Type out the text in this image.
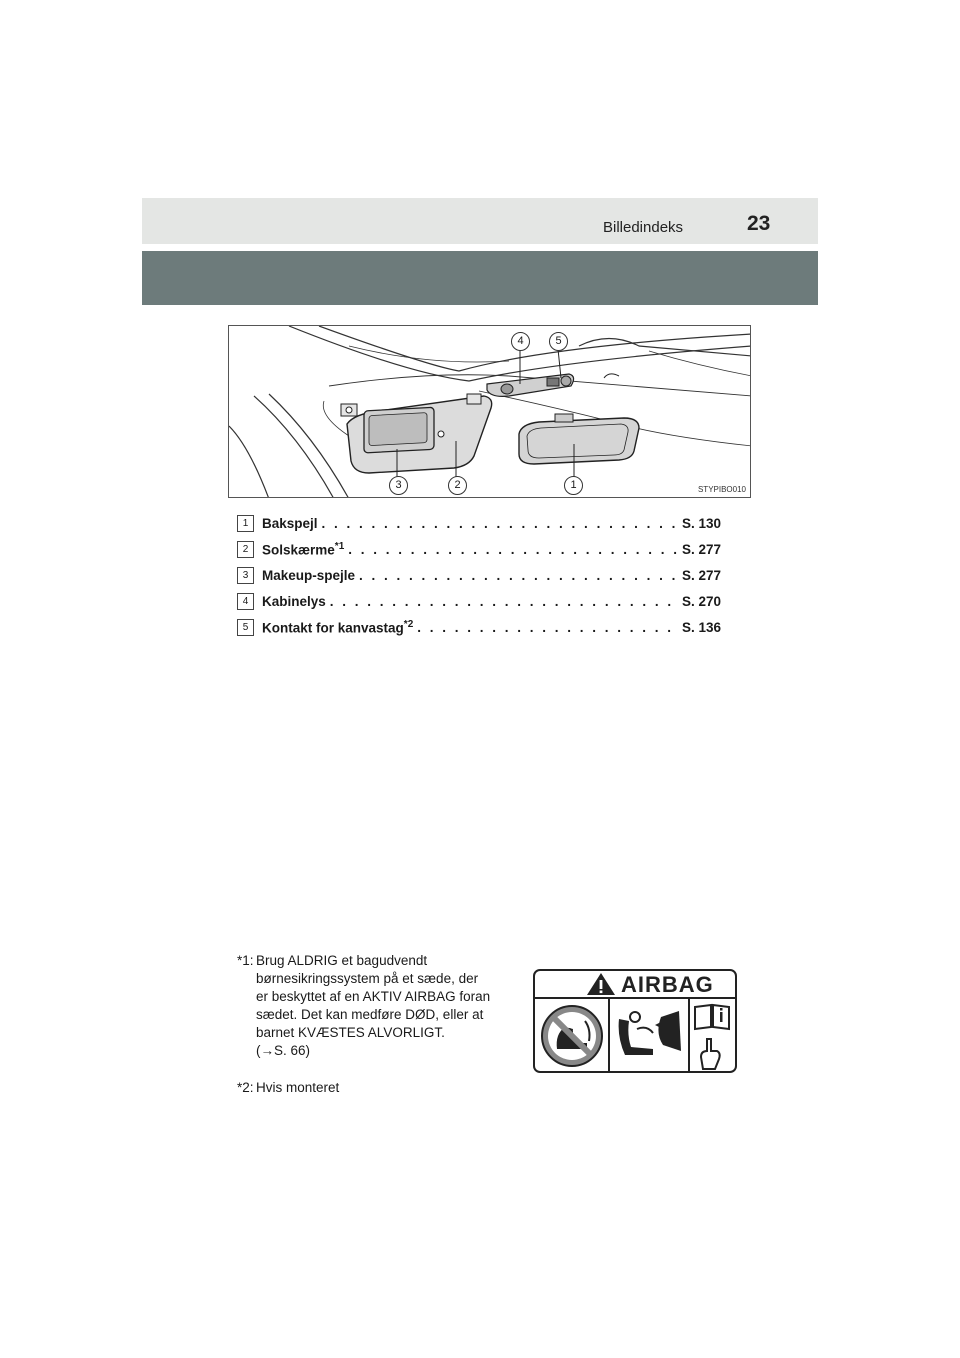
Billedindeks	23
3	2	1
4	5
STYPIBO010
1	Bakspejl . . .	S. 130
2	Solskærme$^{*1}$ . . .	S. 277
3	Makeup-spejle . . .	S. 277
4	Kabinelys . . .	S. 270
5	Kontakt for kanvastag$^{*2}$ . . .	S. 136
*1: Brug ALDRIG et bagudvendt
børnesikringssystem på et sæde, der
er beskyttet af en AKTIV AIRBAG foran
sædet. Det kan medføre DØD, eller at
barnet KVÆSTES ALVORLIGT.
(→S. 66)
*2: Hvis monteret
AIRBAG
